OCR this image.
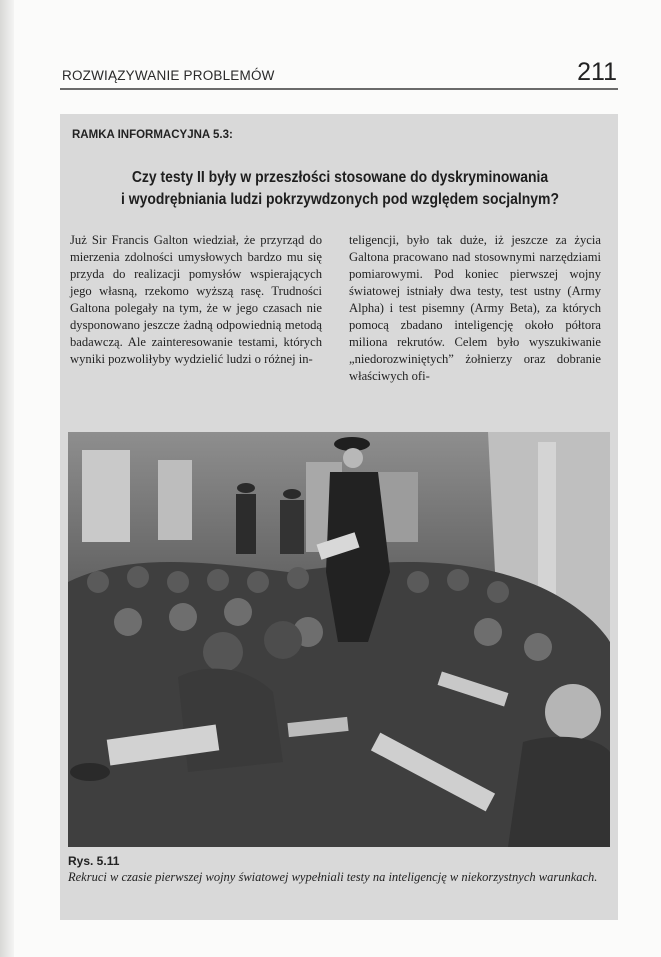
ROZWIĄZYWANIE PROBLEMÓW	211
RAMKA INFORMACYJNA 5.3:
Czy testy II były w przeszłości stosowane do dyskryminowania
i wyodrębniania ludzi pokrzywdzonych pod względem socjalnym?
Już Sir Francis Galton wiedział, że przyrząd do mierzenia zdolności umysłowych bardzo mu się przyda do realizacji pomysłów wspierających jego własną, rzekomo wyższą rasę. Trudności Galtona polegały na tym, że w jego czasach nie dysponowano jeszcze żadną odpowiednią metodą badawczą. Ale zainteresowanie testami, których wyniki pozwoliłyby wydzielić ludzi o różnej in-
teligencji, było tak duże, iż jeszcze za życia Galtona pracowano nad stosownymi narzędziami pomiarowymi. Pod koniec pierwszej wojny światowej istniały dwa testy, test ustny (Army Alpha) i test pisemny (Army Beta), za których pomocą zbadano inteligencję około półtora miliona rekrutów. Celem było wyszukiwanie „niedorozwiniętych” żołnierzy oraz dobranie właściwych ofi-
Rys. 5.11
Rekruci w czasie pierwszej wojny światowej wypełniali testy na inteligencję w niekorzystnych warunkach.
